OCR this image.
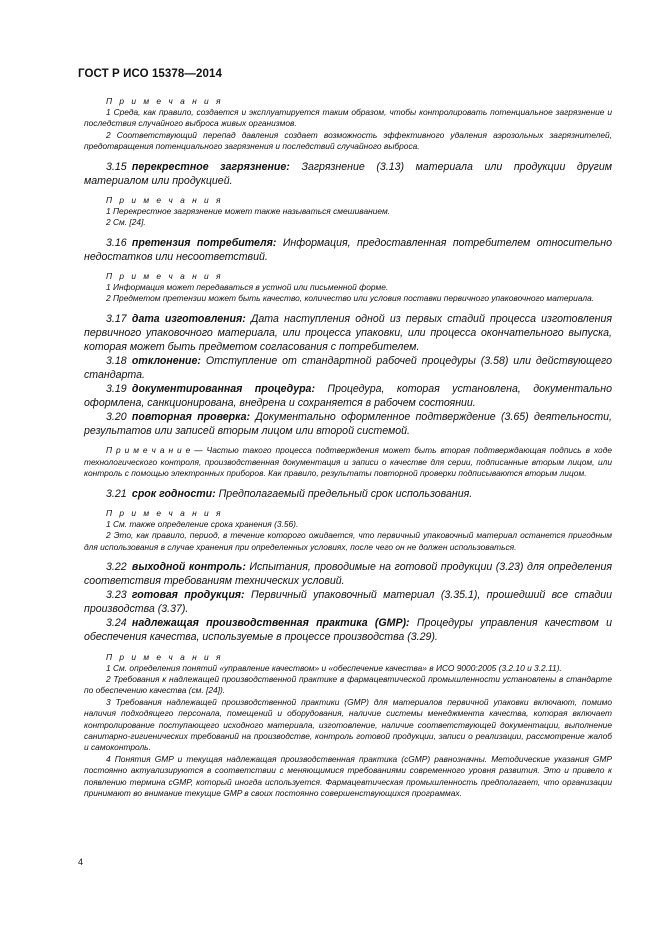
ГОСТ Р ИСО 15378—2014

П р и м е ч а н и я

1 Среда, как правило, создается и эксплуатируется таким образом, чтобы контролировать потенциальное загрязнение и последствия случайного выброса живых организмов.

2 Соответствующий перепад давления создает возможность эффективного удаления аэрозольных загрязнителей, предотвращения потенциального загрязнения и последствий случайного выброса.

3.15  перекрестное загрязнение: Загрязнение (3.13) материала или продукции другим материалом или продукцией.

П р и м е ч а н и я

1 Перекрестное загрязнение может также называться смешиванием.

2 См. [24].

3.16  претензия потребителя: Информация, предоставленная потребителем относительно недостатков или несоответствий.

П р и м е ч а н и я

1 Информация может передаваться в устной или письменной форме.

2 Предметом претензии может быть качество, количество или условия поставки первичного упаковочного материала.

3.17  дата изготовления: Дата наступления одной из первых стадий процесса изготовления первичного упаковочного материала, или процесса упаковки, или процесса окончательного выпуска, которая может быть предметом согласования с потребителем.

3.18  отклонение: Отступление от стандартной рабочей процедуры (3.58) или действующего стандарта.

3.19  документированная процедура: Процедура, которая установлена, документально оформлена, санкционирована, внедрена и сохраняется в рабочем состоянии.

3.20  повторная проверка: Документально оформленное подтверждение (3.65) деятельности, результатов или записей вторым лицом или второй системой.

П р и м е ч а н и е — Частью такого процесса подтверждения может быть вторая подтверждающая подпись в ходе технологического контроля, производственная документация и записи о качестве для серии, подписанные вторым лицом, или контроль с помощью электронных приборов. Как правило, результаты повторной проверки подписываются вторым лицом.

3.21  срок годности: Предполагаемый предельный срок использования.

П р и м е ч а н и я

1 См. также определение срока хранения (3.56).

2 Это, как правило, период, в течение которого ожидается, что первичный упаковочный материал останется пригодным для использования в случае хранения при определенных условиях, после чего он не должен использоваться.

3.22  выходной контроль: Испытания, проводимые на готовой продукции (3.23) для определения соответствия требованиям технических условий.

3.23  готовая продукция: Первичный упаковочный материал (3.35.1), прошедший все стадии производства (3.37).

3.24  надлежащая производственная практика (GMP): Процедуры управления качеством и обеспечения качества, используемые в процессе производства (3.29).

П р и м е ч а н и я

1 См. определения понятий «управление качеством» и «обеспечение качества» в ИСО 9000:2005 (3.2.10 и 3.2.11).

2 Требования к надлежащей производственной практике в фармацевтической промышленности установлены в стандарте по обеспечению качества (см. [24]).

3 Требования надлежащей производственной практики (GMP) для материалов первичной упаковки включают, помимо наличия подходящего персонала, помещений и оборудования, наличие системы менеджмента качества, которая включает контролирование поступающего исходного материала, изготовление, наличие соответствующей документации, выполнение санитарно-гигиенических требований на производстве, контроль готовой продукции, записи о реализации, рассмотрение жалоб и самоконтроль.

4 Понятия GMP и текущая надлежащая производственная практика (cGMP) равнозначны. Методические указания GMP постоянно актуализируются в соответствии с меняющимися требованиями современного уровня развития. Это и привело к появлению термина cGMP, который иногда используется. Фармацевтическая промышленность предполагает, что организации принимают во внимание текущие GMP в своих постоянно совершенствующихся программах.

4
